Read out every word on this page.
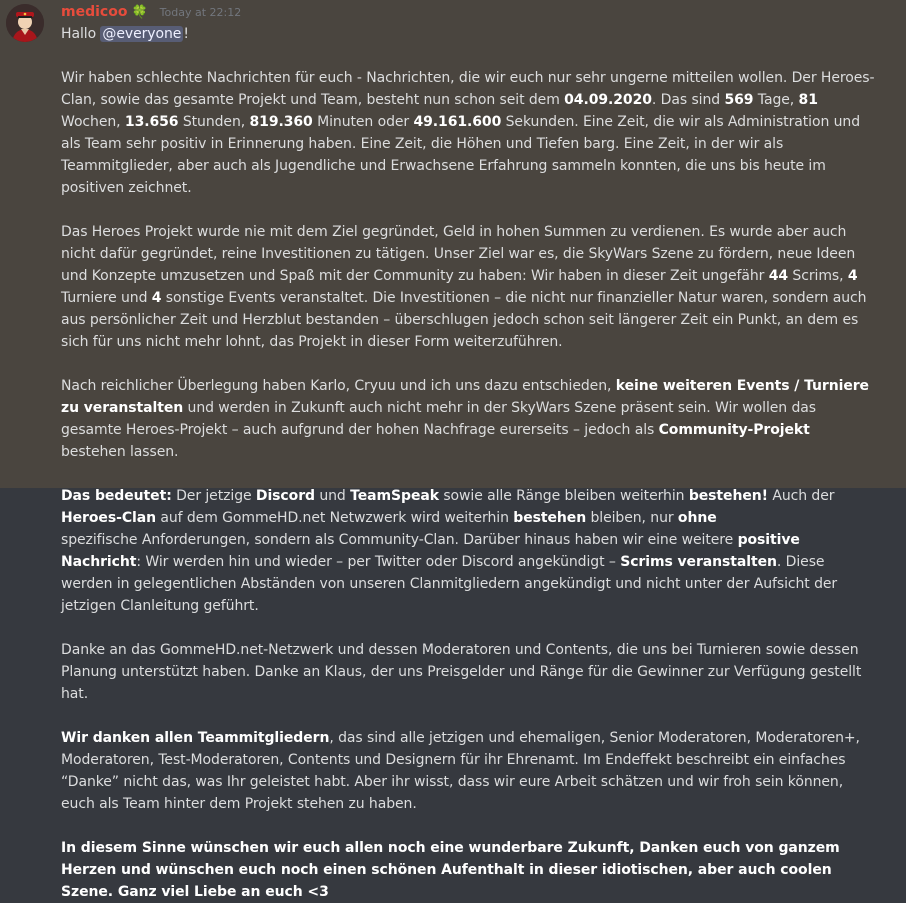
medicoo 🍀 Today at 22:12

Hallo @everyone !

Wir haben schlechte Nachrichten für euch - Nachrichten, die wir euch nur sehr ungerne mitteilen wollen. Der Heroes-Clan, sowie das gesamte Projekt und Team, besteht nun schon seit dem 04.09.2020. Das sind 569 Tage, 81 Wochen, 13.656 Stunden, 819.360 Minuten oder 49.161.600 Sekunden. Eine Zeit, die wir als Administration und als Team sehr positiv in Erinnerung haben. Eine Zeit, die Höhen und Tiefen barg. Eine Zeit, in der wir als Teammitglieder, aber auch als Jugendliche und Erwachsene Erfahrung sammeln konnten, die uns bis heute im positiven zeichnet.

Das Heroes Projekt wurde nie mit dem Ziel gegründet, Geld in hohen Summen zu verdienen. Es wurde aber auch nicht dafür gegründet, reine Investitionen zu tätigen. Unser Ziel war es, die SkyWars Szene zu fördern, neue Ideen und Konzepte umzusetzen und Spaß mit der Community zu haben: Wir haben in dieser Zeit ungefähr 44 Scrims, 4 Turniere und 4 sonstige Events veranstaltet. Die Investitionen – die nicht nur finanzieller Natur waren, sondern auch aus persönlicher Zeit und Herzblut bestanden – überschlugen jedoch schon seit längerer Zeit ein Punkt, an dem es sich für uns nicht mehr lohnt, das Projekt in dieser Form weiterzuführen.

Nach reichlicher Überlegung haben Karlo, Cryuu und ich uns dazu entschieden, keine weiteren Events / Turniere zu veranstalten und werden in Zukunft auch nicht mehr in der SkyWars Szene präsent sein. Wir wollen das gesamte Heroes-Projekt – auch aufgrund der hohen Nachfrage eurerseits – jedoch als Community-Projekt bestehen lassen.

Das bedeutet: Der jetzige Discord und TeamSpeak sowie alle Ränge bleiben weiterhin bestehen! Auch der Heroes-Clan auf dem GommeHD.net Netwzwerk wird weiterhin bestehen bleiben, nur ohne
spezifische Anforderungen, sondern als Community-Clan. Darüber hinaus haben wir eine weitere positive Nachricht: Wir werden hin und wieder – per Twitter oder Discord angekündigt – Scrims veranstalten. Diese werden in gelegentlichen Abständen von unseren Clanmitgliedern angekündigt und nicht unter der Aufsicht der jetzigen Clanleitung geführt.

Danke an das GommeHD.net-Netzwerk und dessen Moderatoren und Contents, die uns bei Turnieren sowie dessen Planung unterstützt haben. Danke an Klaus, der uns Preisgelder und Ränge für die Gewinner zur Verfügung gestellt hat.

Wir danken allen Teammitgliedern, das sind alle jetzigen und ehemaligen, Senior Moderatoren, Moderatoren+, Moderatoren, Test-Moderatoren, Contents und Designern für ihr Ehrenamt. Im Endeffekt beschreibt ein einfaches “Danke” nicht das, was Ihr geleistet habt. Aber ihr wisst, dass wir eure Arbeit schätzen und wir froh sein können, euch als Team hinter dem Projekt stehen zu haben.

In diesem Sinne wünschen wir euch allen noch eine wunderbare Zukunft, Danken euch von ganzem Herzen und wünschen euch noch einen schönen Aufenthalt in dieser idiotischen, aber auch coolen Szene. Ganz viel Liebe an euch <3
